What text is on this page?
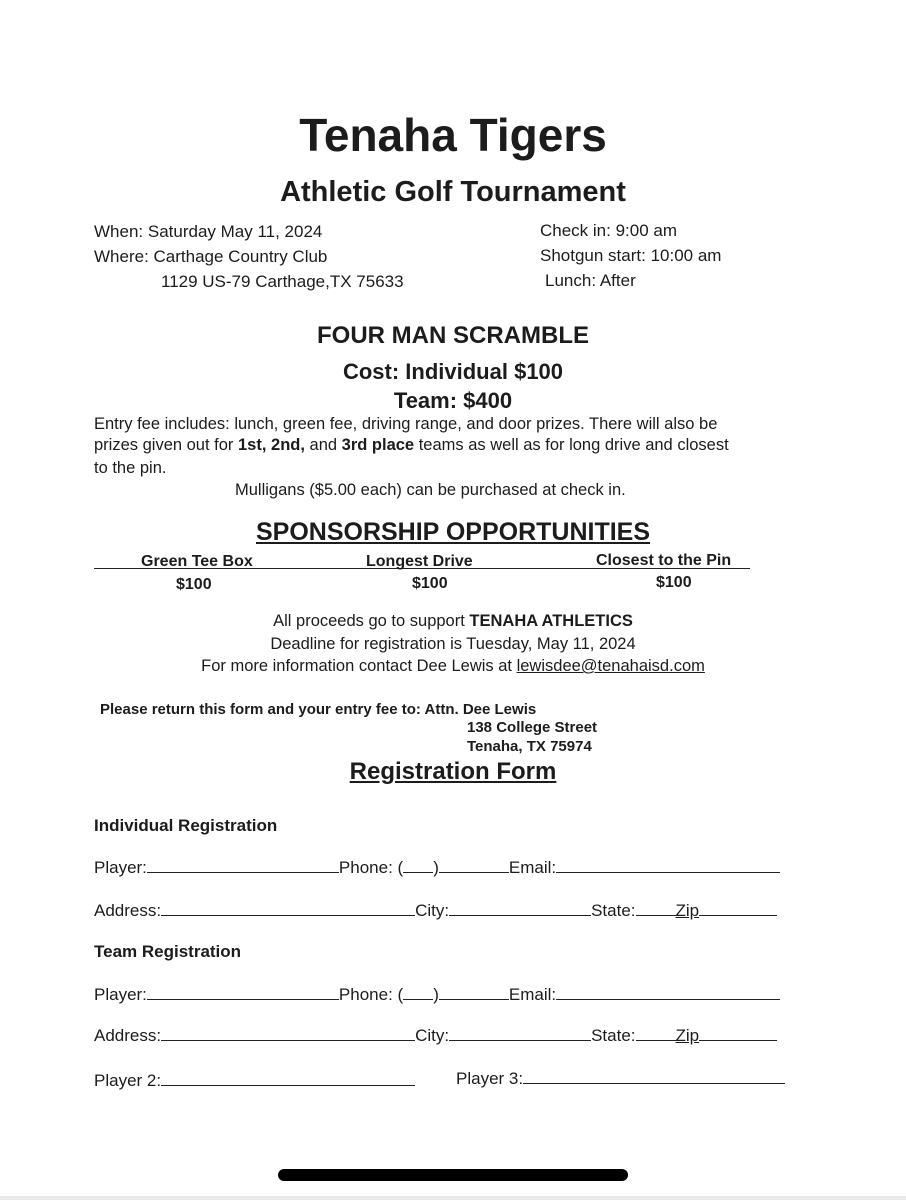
Tenaha Tigers
Athletic Golf Tournament
When: Saturday May 11, 2024
Where: Carthage Country Club
1129 US-79 Carthage,TX 75633
Check in: 9:00 am
Shotgun start: 10:00 am
Lunch: After
FOUR MAN SCRAMBLE
Cost: Individual $100
Team: $400
Entry fee includes: lunch, green fee, driving range, and door prizes. There will also be
prizes given out for 1st, 2nd, and 3rd place teams as well as for long drive and closest
to the pin.
Mulligans ($5.00 each) can be purchased at check in.
SPONSORSHIP OPPORTUNITIES
Green Tee Box	Longest Drive	Closest to the Pin
$100	$100	$100
All proceeds go to support TENAHA ATHLETICS
Deadline for registration is Tuesday, May 11, 2024
For more information contact Dee Lewis at lewisdee@tenahaisd.com
Please return this form and your entry fee to: Attn. Dee Lewis
138 College Street
Tenaha, TX 75974
Registration Form
Individual Registration
Player:	Phone: ( )	Email:
Address:	City:	State: Zip
Team Registration
Player:	Phone: ( )	Email:
Address:	City:	State: Zip
Player 2:	Player 3:
